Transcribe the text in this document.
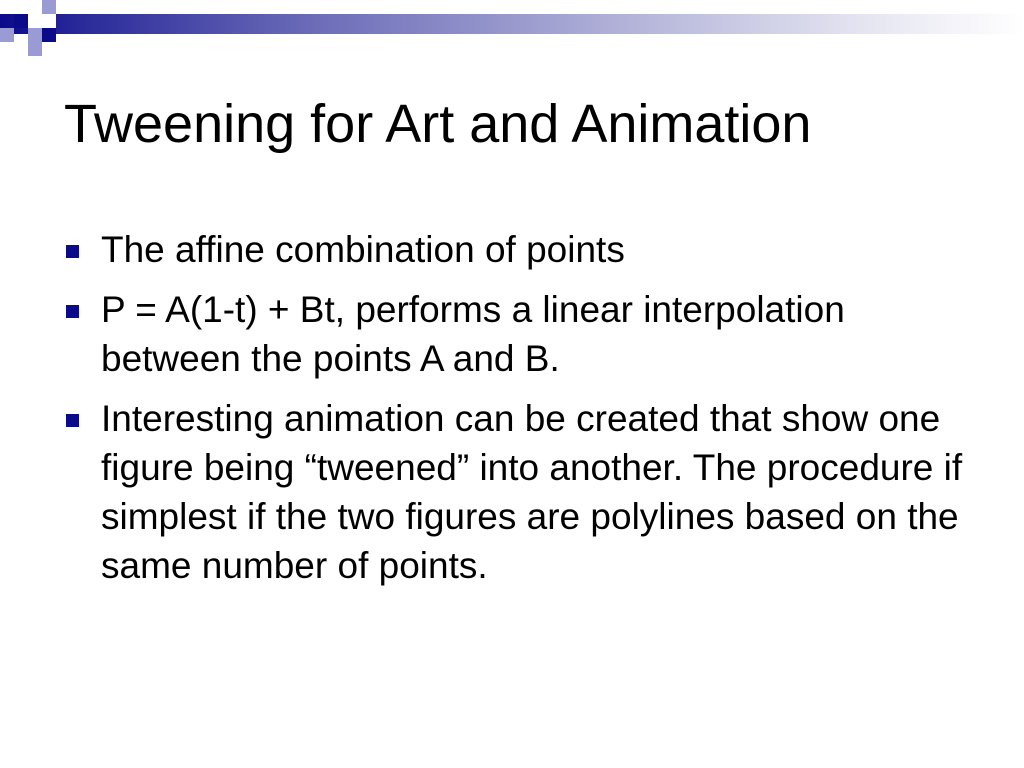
Tweening for Art and Animation
The affine combination of points
P = A(1-t) + Bt, performs a linear interpolation between the points A and B.
Interesting animation can be created that show one figure being “tweened” into another. The procedure if simplest if the two figures are polylines based on the same number of points.
